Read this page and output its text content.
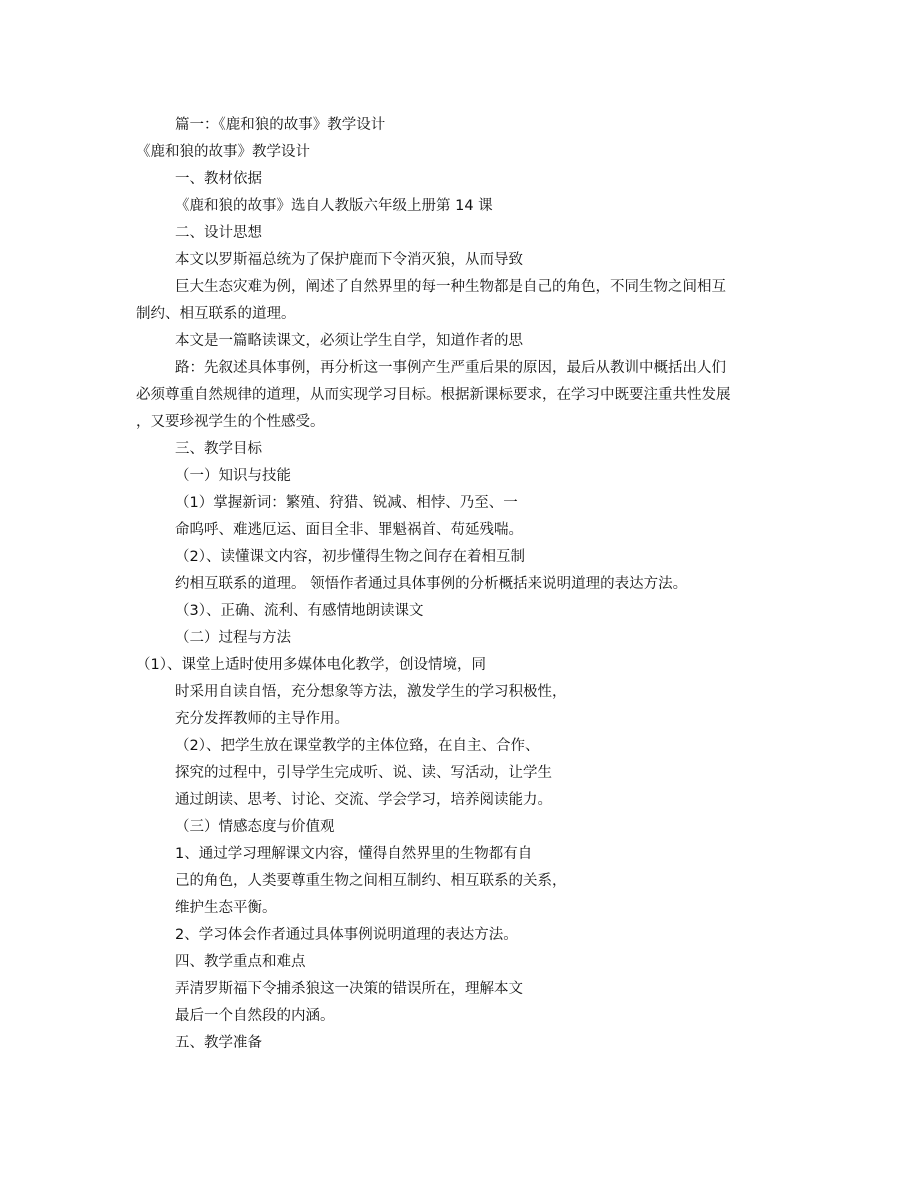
篇一：《鹿和狼的故事》教学设计
《鹿和狼的故事》教学设计
一、教材依据
《鹿和狼的故事》选自人教版六年级上册第 14 课
二、设计思想
本文以罗斯福总统为了保护鹿而下令消灭狼，从而导致
巨大生态灾难为例，阐述了自然界里的每一种生物都是自己的角色，不同生物之间相互
制约、相互联系的道理。
本文是一篇略读课文，必须让学生自学，知道作者的思
路：先叙述具体事例，再分析这一事例产生严重后果的原因，最后从教训中概括出人们
必须尊重自然规律的道理，从而实现学习目标。根据新课标要求，在学习中既要注重共性发展
，又要珍视学生的个性感受。
三、教学目标
（一）知识与技能
（1）掌握新词：繁殖、狩猎、锐减、相悖、乃至、一
命呜呼、难逃厄运、面目全非、罪魁祸首、苟延残喘。
（2）、读懂课文内容，初步懂得生物之间存在着相互制
约相互联系的道理。 领悟作者通过具体事例的分析概括来说明道理的表达方法。
（3）、正确、流利、有感情地朗读课文
（二）过程与方法
（1）、课堂上适时使用多媒体电化教学，创设情境，同
时采用自读自悟，充分想象等方法，激发学生的学习积极性，
充分发挥教师的主导作用。
（2）、把学生放在课堂教学的主体位臵，在自主、合作、
探究的过程中，引导学生完成听、说、读、写活动，让学生
通过朗读、思考、讨论、交流、学会学习，培养阅读能力。
（三）情感态度与价值观
1、通过学习理解课文内容，懂得自然界里的生物都有自
己的角色，人类要尊重生物之间相互制约、相互联系的关系，
维护生态平衡。
2、学习体会作者通过具体事例说明道理的表达方法。
四、教学重点和难点
弄清罗斯福下令捕杀狼这一决策的错误所在，理解本文
最后一个自然段的内涵。
五、教学准备
